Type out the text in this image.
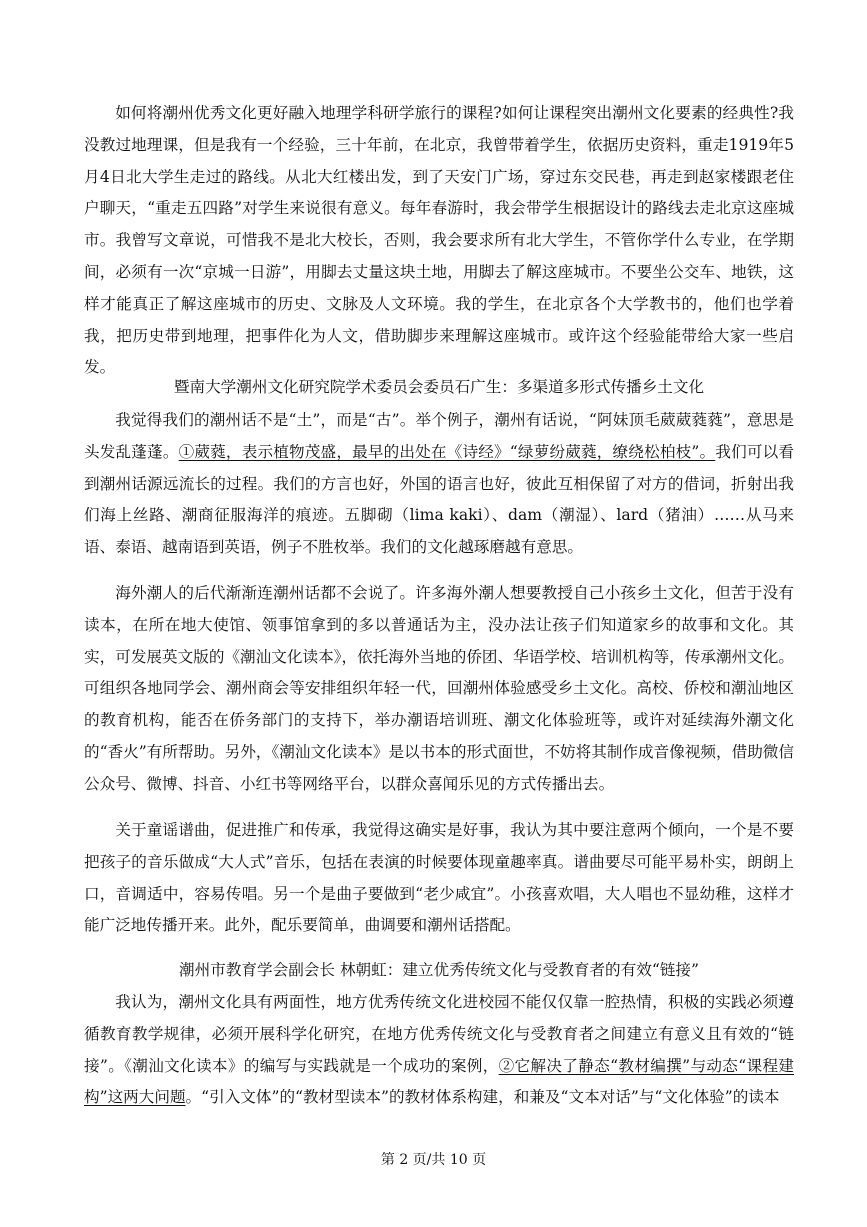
如何将潮州优秀文化更好融入地理学科研学旅行的课程?如何让课程突出潮州文化要素的经典性?我没教过地理课，但是我有一个经验，三十年前，在北京，我曾带着学生，依据历史资料，重走1919年5月4日北大学生走过的路线。从北大红楼出发，到了天安门广场，穿过东交民巷，再走到赵家楼跟老住户聊天，“重走五四路”对学生来说很有意义。每年春游时，我会带学生根据设计的路线去走北京这座城市。我曾写文章说，可惜我不是北大校长，否则，我会要求所有北大学生，不管你学什么专业，在学期间，必须有一次“京城一日游”，用脚去丈量这块土地，用脚去了解这座城市。不要坐公交车、地铁，这样才能真正了解这座城市的历史、文脉及人文环境。我的学生，在北京各个大学教书的，他们也学着我，把历史带到地理，把事件化为人文，借助脚步来理解这座城市。或许这个经验能带给大家一些启发。

暨南大学潮州文化研究院学术委员会委员石广生：多渠道多形式传播乡土文化

我觉得我们的潮州话不是“土”，而是“古”。举个例子，潮州有话说，“阿妹顶毛葳葳蕤蕤”，意思是头发乱蓬蓬。①葳蕤，表示植物茂盛，最早的出处在《诗经》“绿萝纷葳蕤，缭绕松柏枝”。我们可以看到潮州话源远流长的过程。我们的方言也好，外国的语言也好，彼此互相保留了对方的借词，折射出我们海上丝路、潮商征服海洋的痕迹。五脚砌（lima kaki）、dam（潮湿）、lard（猪油）……从马来语、泰语、越南语到英语，例子不胜枚举。我们的文化越琢磨越有意思。

海外潮人的后代渐渐连潮州话都不会说了。许多海外潮人想要教授自己小孩乡土文化，但苦于没有读本，在所在地大使馆、领事馆拿到的多以普通话为主，没办法让孩子们知道家乡的故事和文化。其实，可发展英文版的《潮汕文化读本》，依托海外当地的侨团、华语学校、培训机构等，传承潮州文化。可组织各地同学会、潮州商会等安排组织年轻一代，回潮州体验感受乡土文化。高校、侨校和潮汕地区的教育机构，能否在侨务部门的支持下，举办潮语培训班、潮文化体验班等，或许对延续海外潮文化的“香火”有所帮助。另外，《潮汕文化读本》是以书本的形式面世，不妨将其制作成音像视频，借助微信公众号、微博、抖音、小红书等网络平台，以群众喜闻乐见的方式传播出去。

关于童谣谱曲，促进推广和传承，我觉得这确实是好事，我认为其中要注意两个倾向，一个是不要把孩子的音乐做成“大人式”音乐，包括在表演的时候要体现童趣率真。谱曲要尽可能平易朴实，朗朗上口，音调适中，容易传唱。另一个是曲子要做到“老少咸宜”。小孩喜欢唱，大人唱也不显幼稚，这样才能广泛地传播开来。此外，配乐要简单，曲调要和潮州话搭配。

潮州市教育学会副会长 林朝虹：建立优秀传统文化与受教育者的有效“链接”

我认为，潮州文化具有两面性，地方优秀传统文化进校园不能仅仅靠一腔热情，积极的实践必须遵循教育教学规律，必须开展科学化研究，在地方优秀传统文化与受教育者之间建立有意义且有效的“链接”。《潮汕文化读本》的编写与实践就是一个成功的案例，②它解决了静态“教材编撰”与动态“课程建构”这两大问题。“引入文体”的“教材型读本”的教材体系构建，和兼及“文本对话”与“文化体验”的读本

第 2 页/共 10 页
